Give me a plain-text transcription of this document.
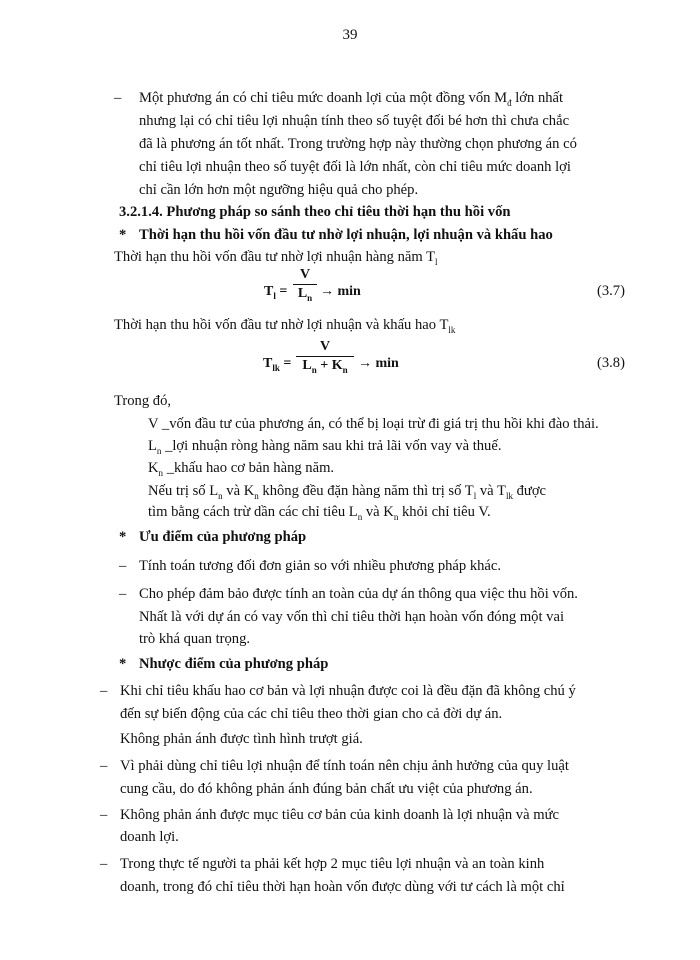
39
– Một phương án có chỉ tiêu mức doanh lợi của một đồng vốn $M_đ$ lớn nhất
nhưng lại có chỉ tiêu lợi nhuận tính theo số tuyệt đối bé hơn thì chưa chắc
đã là phương án tốt nhất. Trong trường hợp này thường chọn phương án có
chỉ tiêu lợi nhuận theo số tuyệt đối là lớn nhất, còn chỉ tiêu mức doanh lợi
chỉ cần lớn hơn một ngưỡng hiệu quả cho phép.
3.2.1.4. Phương pháp so sánh theo chỉ tiêu thời hạn thu hồi vốn
* Thời hạn thu hồi vốn đầu tư nhờ lợi nhuận, lợi nhuận và khấu hao
Thời hạn thu hồi vốn đầu tư nhờ lợi nhuận hàng năm $T_l$
$T_l$ =
V
$L_n \to \min$	(3.7)
Thời hạn thu hồi vốn đầu tư nhờ lợi nhuận và khấu hao $T_{lk}$
$T_{lk}$ =
V
$L_n + K_n \to \min$	(3.8)
Trong đó,
V _vốn đầu tư của phương án, có thể bị loại trừ đi giá trị thu hồi khi đào thải.
$L_n$ _lợi nhuận ròng hàng năm sau khi trả lãi vốn vay và thuế.
$K_n$ _khấu hao cơ bản hàng năm.
Nếu trị số $L_n$ và $K_n$ không đều đặn hàng năm thì trị số $T_l$ và $T_{lk}$ được
tìm bằng cách trừ dần các chỉ tiêu $L_n$ và $K_n$ khỏi chỉ tiêu V.
* Ưu điểm của phương pháp
– Tính toán tương đối đơn giản so với nhiều phương pháp khác.
– Cho phép đảm bảo được tính an toàn của dự án thông qua việc thu hồi vốn.
Nhất là với dự án có vay vốn thì chỉ tiêu thời hạn hoàn vốn đóng một vai
trò khá quan trọng.
* Nhược điểm của phương pháp
– Khi chỉ tiêu khấu hao cơ bản và lợi nhuận được coi là đều đặn đã không chú ý
đến sự biến động của các chỉ tiêu theo thời gian cho cả đời dự án.
Không phản ánh được tình hình trượt giá.
– Vì phải dùng chỉ tiêu lợi nhuận để tính toán nên chịu ảnh hưởng của quy luật
cung cầu, do đó không phản ánh đúng bản chất ưu việt của phương án.
– Không phản ánh được mục tiêu cơ bản của kinh doanh là lợi nhuận và mức
doanh lợi.
– Trong thực tế người ta phải kết hợp 2 mục tiêu lợi nhuận và an toàn kinh
doanh, trong đó chỉ tiêu thời hạn hoàn vốn được dùng với tư cách là một chỉ
